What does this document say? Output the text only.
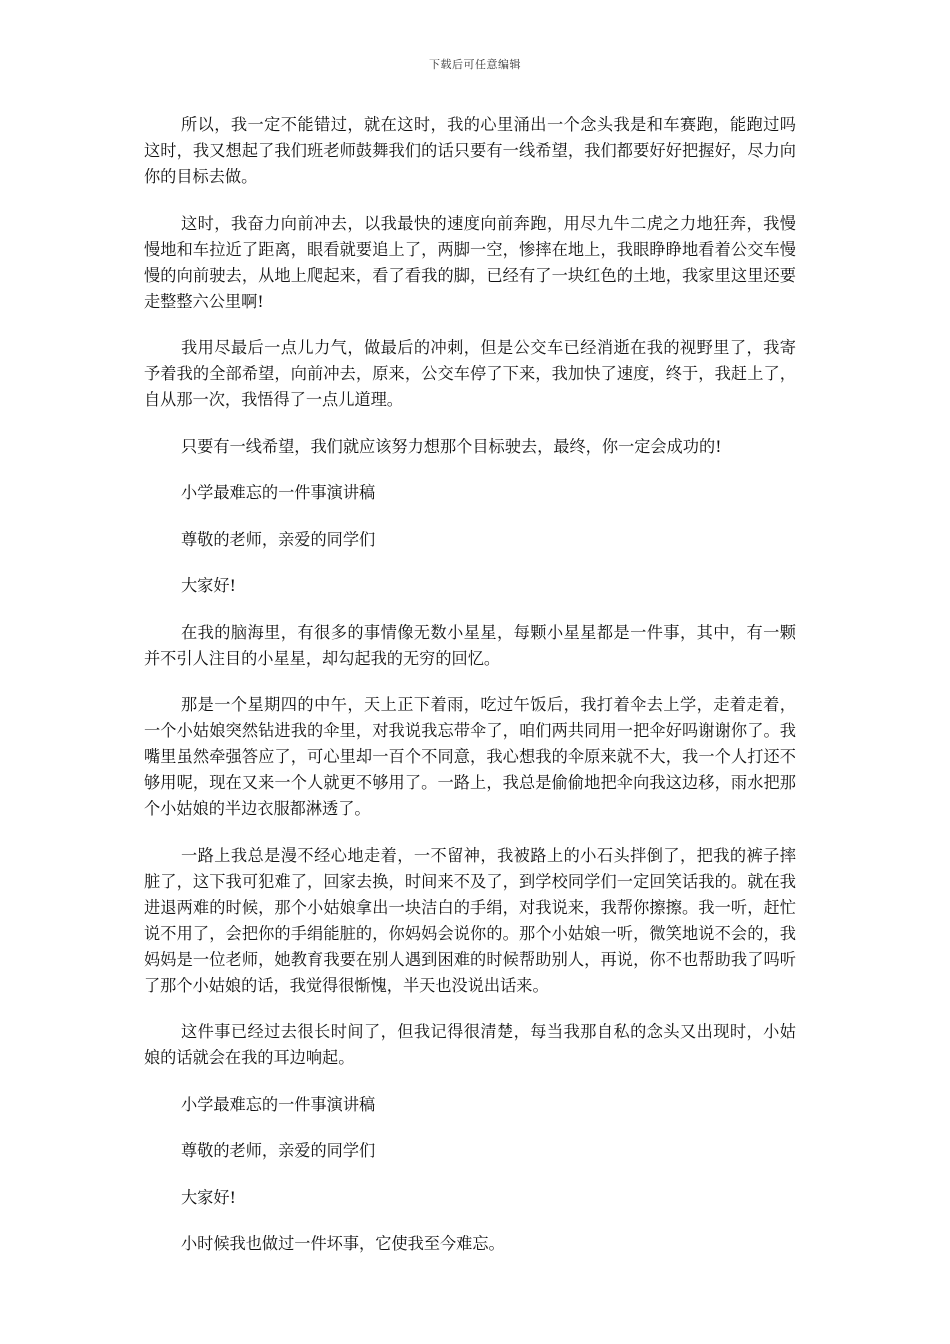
下载后可任意编辑

所以，我一定不能错过，就在这时，我的心里涌出一个念头我是和车赛跑，能跑过吗这时，我又想起了我们班老师鼓舞我们的话只要有一线希望，我们都要好好把握好，尽力向你的目标去做。

这时，我奋力向前冲去，以我最快的速度向前奔跑，用尽九牛二虎之力地狂奔，我慢慢地和车拉近了距离，眼看就要追上了，两脚一空，惨摔在地上，我眼睁睁地看着公交车慢慢的向前驶去，从地上爬起来，看了看我的脚，已经有了一块红色的土地，我家里这里还要走整整六公里啊!

我用尽最后一点儿力气，做最后的冲刺，但是公交车已经消逝在我的视野里了，我寄予着我的全部希望，向前冲去，原来，公交车停了下来，我加快了速度，终于，我赶上了，自从那一次，我悟得了一点儿道理。

只要有一线希望，我们就应该努力想那个目标驶去，最终，你一定会成功的!

小学最难忘的一件事演讲稿

尊敬的老师，亲爱的同学们

大家好!

在我的脑海里，有很多的事情像无数小星星，每颗小星星都是一件事，其中，有一颗并不引人注目的小星星，却勾起我的无穷的回忆。

那是一个星期四的中午，天上正下着雨，吃过午饭后，我打着伞去上学，走着走着，一个小姑娘突然钻进我的伞里，对我说我忘带伞了，咱们两共同用一把伞好吗谢谢你了。我嘴里虽然牵强答应了，可心里却一百个不同意，我心想我的伞原来就不大，我一个人打还不够用呢，现在又来一个人就更不够用了。一路上，我总是偷偷地把伞向我这边移，雨水把那个小姑娘的半边衣服都淋透了。

一路上我总是漫不经心地走着，一不留神，我被路上的小石头拌倒了，把我的裤子摔脏了，这下我可犯难了，回家去换，时间来不及了，到学校同学们一定回笑话我的。就在我进退两难的时候，那个小姑娘拿出一块洁白的手绢，对我说来，我帮你擦擦。我一听，赶忙说不用了，会把你的手绢能脏的，你妈妈会说你的。那个小姑娘一听，微笑地说不会的，我妈妈是一位老师，她教育我要在别人遇到困难的时候帮助别人，再说，你不也帮助我了吗听了那个小姑娘的话，我觉得很惭愧，半天也没说出话来。

这件事已经过去很长时间了，但我记得很清楚，每当我那自私的念头又出现时，小姑娘的话就会在我的耳边响起。

小学最难忘的一件事演讲稿

尊敬的老师，亲爱的同学们

大家好!

小时候我也做过一件坏事，它使我至今难忘。
